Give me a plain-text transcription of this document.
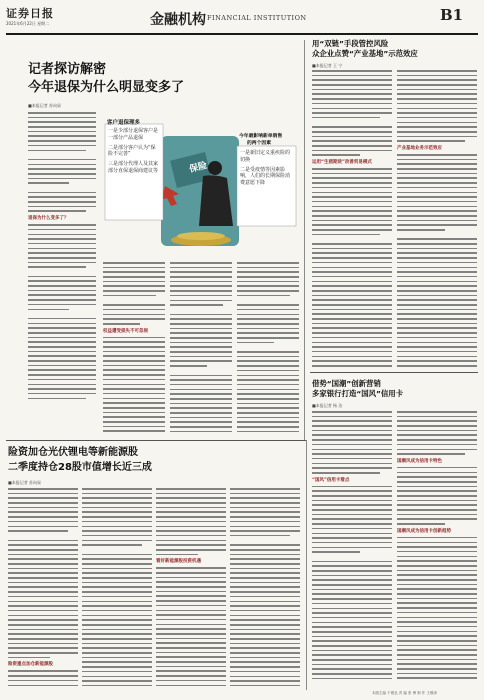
证券日报
2021年6月22日 星期二	金融机构 FINANCIAL INSTITUTION	B1
记者探访解密
今年退保为什么明显变多了
■本报记者 苏向杲
退保为什么变多了？
保险
客户退保理多
一是少部分退保客户是一部分产品退保
二是部分客户认为“保险不完善”
三是部分代理人及其家部分直保退保商建议等
今年最影响新单销售
的两个因素
一是新旧定义重疾险的切换
二是受疫情等因素影响，人们的长期保险消费意愿下降
权益遭受损失不可忽视
用“双链”手段管控风险
众企业点赞“产业基地”示范效应
■本报记者 王 宁
运用“生猪期货”改善贸易模式
产业基地业务示范效应
借势“国潮”创新营销
多家银行打造“国风”信用卡
■本报记者 杨 洁
“国风”信用卡看点
国潮风成为信用卡特色
国潮风成为信用卡创新趋势
险资加仓光伏锂电等新能源股
二季度持仓28股市值增长近三成
■本报记者 苏向杲
险资重点加仓新能源股
看好新能源股投资机遇
本版主编 于德良 责 编 张 博 制 作 王敬涛
